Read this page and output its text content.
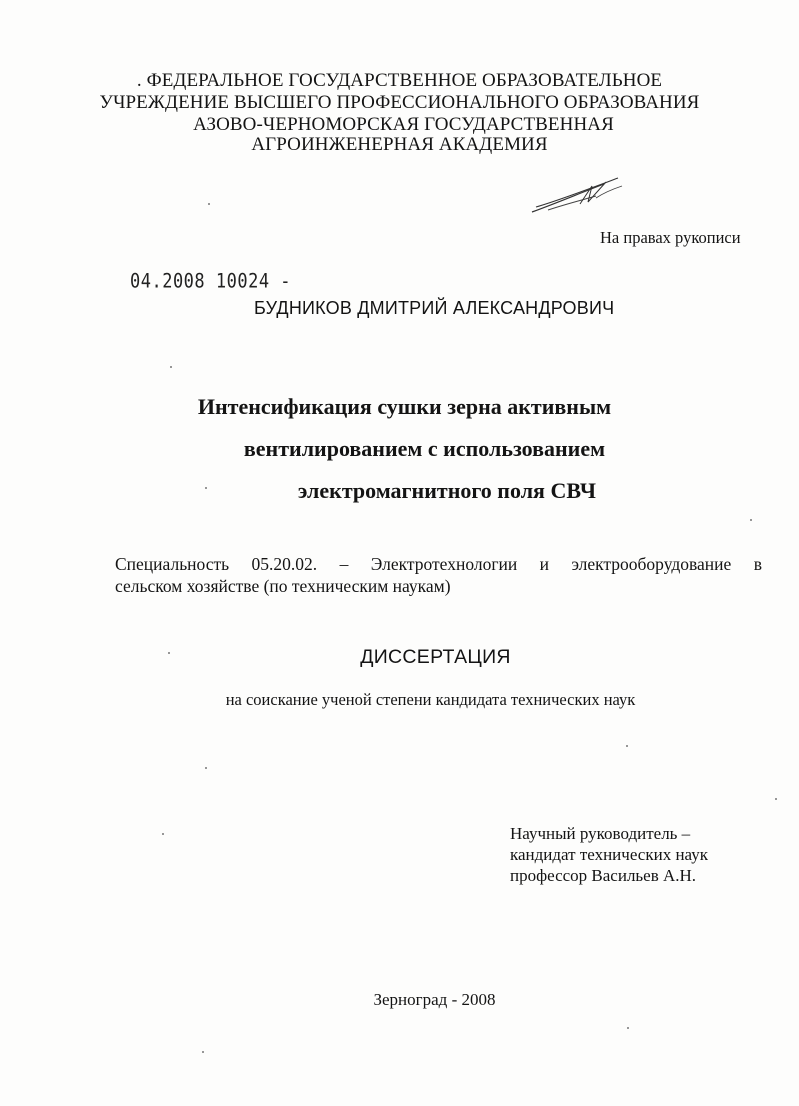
. ФЕДЕРАЛЬНОЕ ГОСУДАРСТВЕННОЕ ОБРАЗОВАТЕЛЬНОЕ
УЧРЕЖДЕНИЕ ВЫСШЕГО ПРОФЕССИОНАЛЬНОГО ОБРАЗОВАНИЯ
АЗОВО-ЧЕРНОМОРСКАЯ ГОСУДАРСТВЕННАЯ
АГРОИНЖЕНЕРНАЯ АКАДЕМИЯ
На правах рукописи
04.2008 10024 -
БУДНИКОВ ДМИТРИЙ АЛЕКСАНДРОВИЧ
Интенсификация сушки зерна активным
вентилированием с использованием
электромагнитного поля СВЧ
Специальность 05.20.02. – Электротехнологии и электрооборудование в
сельском хозяйстве (по техническим наукам)
ДИССЕРТАЦИЯ
на соискание ученой степени кандидата технических наук
Научный руководитель –
кандидат технических наук
профессор Васильев А.Н.
Зерноград - 2008
